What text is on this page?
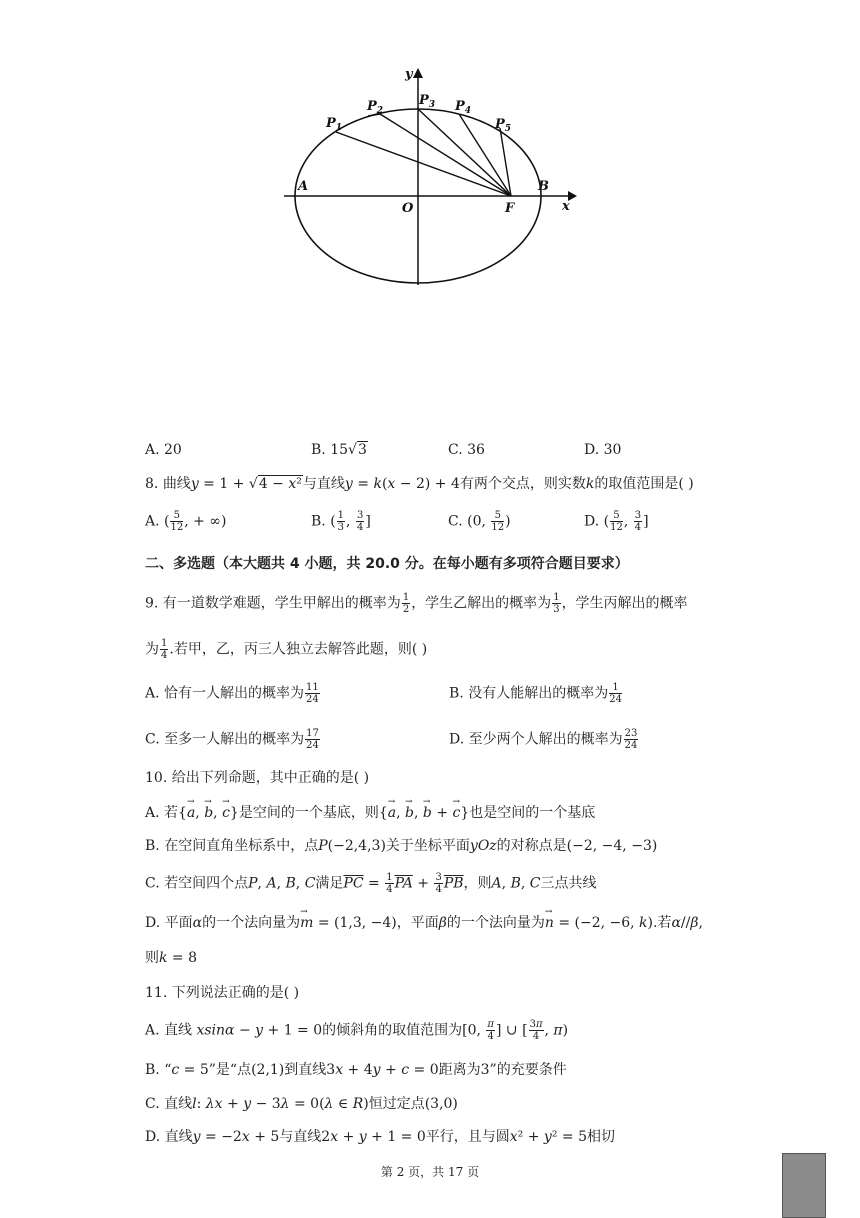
$P_1$
$P_2$
$P_3$ $P_4$
$P_5$
A	B
O	F	x
y
A. 20	B. 15√3	C. 36	D. 30
8. 曲线y = 1 + √4 − x²与直线y = k(x − 2) + 4有两个交点，则实数k的取值范围是( )
A. ( $\frac{5}{12}$ , + ∞)	B. ( $\frac{1}{3}$ , $\frac{3}{4}$ ]	C. (0, $\frac{5}{12}$ )	D. ( $\frac{5}{12}$ , $\frac{3}{4}$ ]
二、多选题（本大题共 4 小题，共 20.0 分。在每小题有多项符合题目要求）
9. 有一道数学难题，学生甲解出的概率为 $\frac{1}{2}$ ，学生乙解出的概率为 $\frac{1}{3}$ ，学生丙解出的概率
为 $\frac{1}{4}$ .若甲，乙，丙三人独立去解答此题，则( )
A. 恰有一人解出的概率为 $\frac{11}{24}$	B. 没有人能解出的概率为 $\frac{1}{24}$
C. 至多一人解出的概率为 $\frac{17}{24}$	D. 至少两个人解出的概率为 $\frac{23}{24}$
10. 给出下列命题，其中正确的是( )
A. 若{→ a, → b, → c}是空间的一个基底，则{→ a, → b, → b + → c}也是空间的一个基底
B. 在空间直角坐标系中，点P(−2,4,3)关于坐标平面yOz的对称点是(−2, −4, −3)
C. 若空间四个点P, A, B, C满足$\overline{PC} = \frac{1}{4} \overline{PA} + \frac{3}{4} \overline{PB}$，则A, B, C三点共线
D. 平面α的一个法向量为→ m = (1,3, −4)，平面β的一个法向量为→ n = (−2, −6, k).若α//β,
则k = 8
11. 下列说法正确的是( )
A. 直线 xsinα − y + 1 = 0的倾斜角的取值范围为[0, $\frac{\pi}{4}$ ] ∪ [ $\frac{3\pi}{4}$ , π)
B. “c = 5”是“点(2,1)到直线3x + 4y + c = 0距离为3”的充要条件
C. 直线l: λx + y − 3λ = 0(λ ∈ R)恒过定点(3,0)
D. 直线y = −2x + 5与直线2x + y + 1 = 0平行，且与圆x² + y² = 5相切
第 2 页，共 17 页
